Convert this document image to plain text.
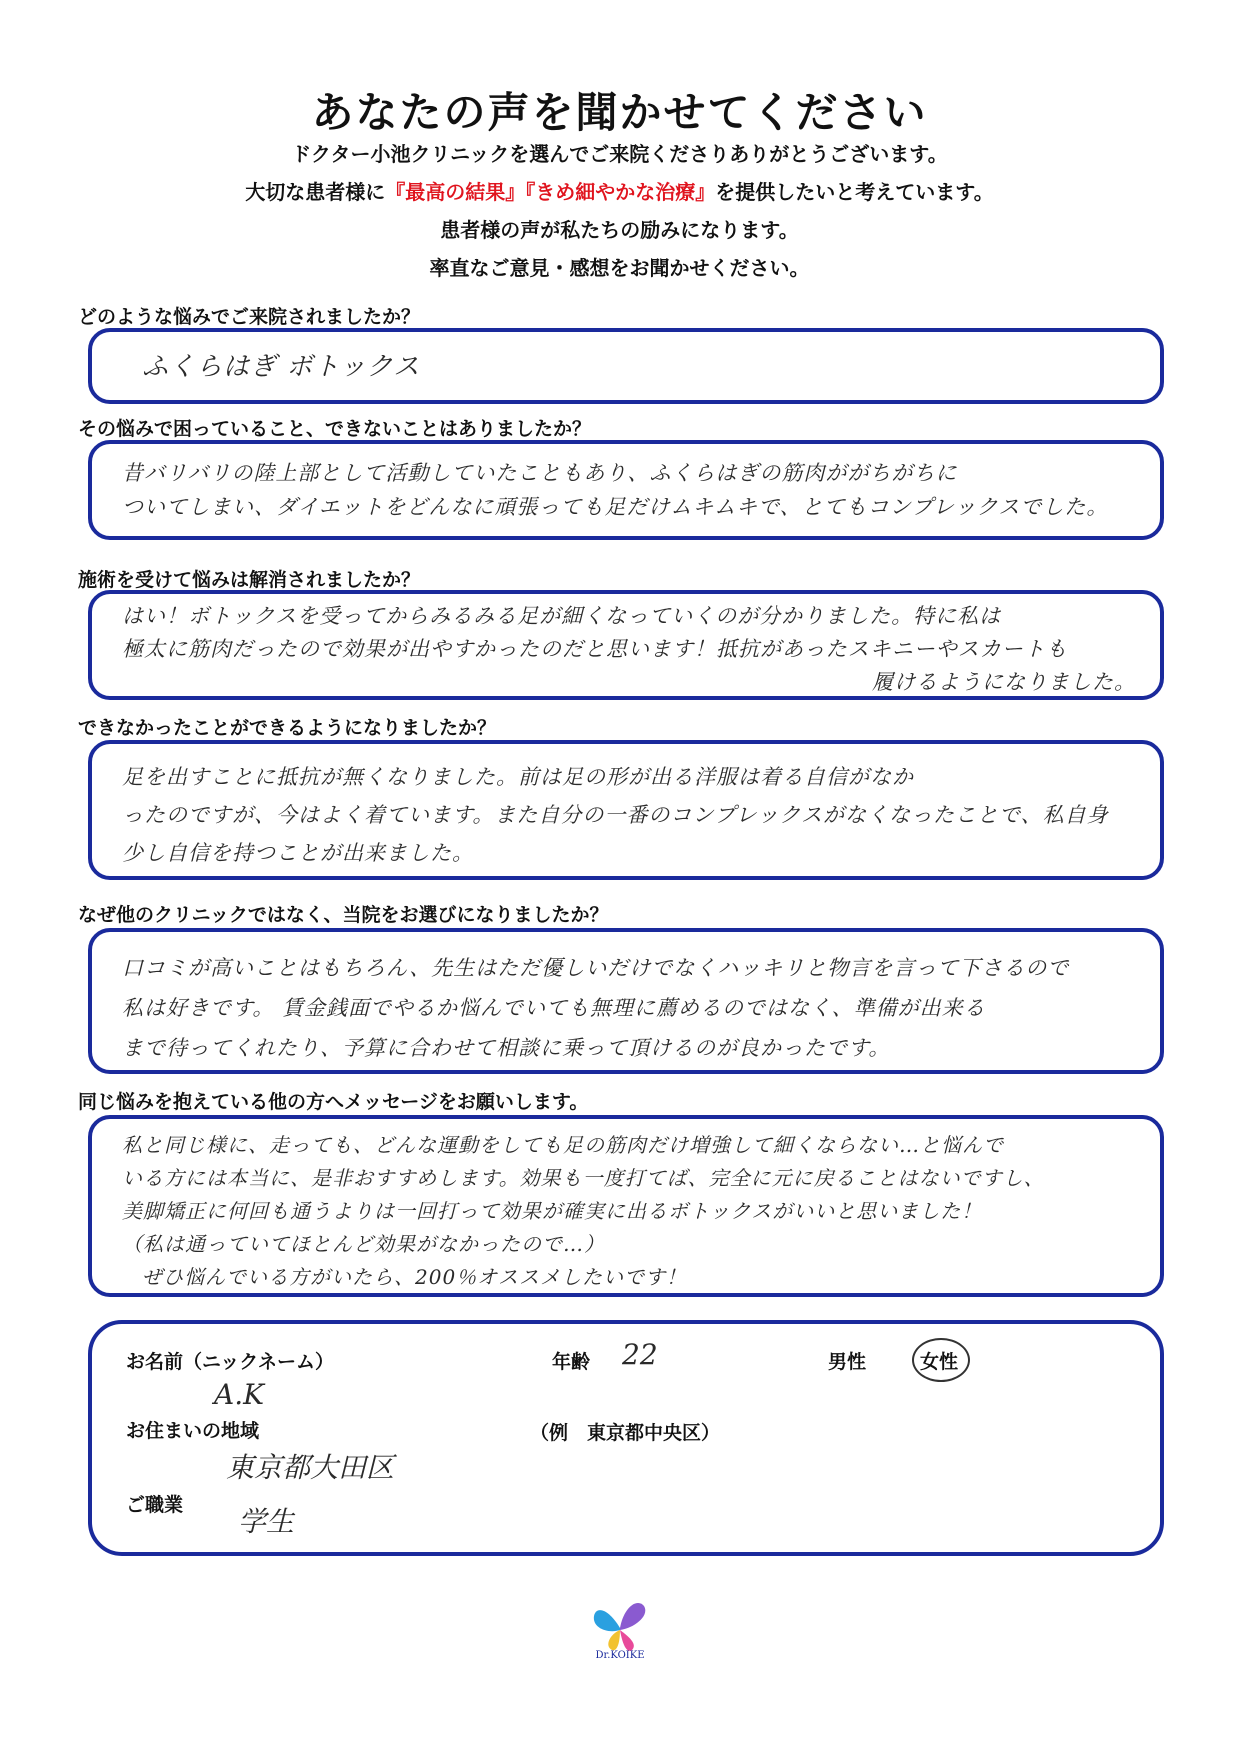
あなたの声を聞かせてください
ドクター小池クリニックを選んでご来院くださりありがとうございます。
大切な患者様に『最高の結果』『きめ細やかな治療』を提供したいと考えています。
患者様の声が私たちの励みになります。
率直なご意見・感想をお聞かせください。
どのような悩みでご来院されましたか？

ふくらはぎ ボトックス

その悩みで困っていること、できないことはありましたか？

昔バリバリの陸上部として活動していたこともあり、ふくらはぎの筋肉ががちがちに

ついてしまい、ダイエットをどんなに頑張っても足だけムキムキで、とてもコンプレックスでした。

施術を受けて悩みは解消されましたか？

はい！ボトックスを受ってからみるみる足が細くなっていくのが分かりました。特に私は

極太に筋肉だったので効果が出やすかったのだと思います！抵抗があったスキニーやスカートも

履けるようになりました。

できなかったことができるようになりましたか？

足を出すことに抵抗が無くなりました。前は足の形が出る洋服は着る自信がなか

ったのですが、今はよく着ています。また自分の一番のコンプレックスがなくなったことで、私自身

少し自信を持つことが出来ました。

なぜ他のクリニックではなく、当院をお選びになりましたか？

口コミが高いことはもちろん、先生はただ優しいだけでなくハッキリと物言を言って下さるので

私は好きです。 賃金銭面でやるか悩んでいても無理に薦めるのではなく、準備が出来る

まで待ってくれたり、予算に合わせて相談に乗って頂けるのが良かったです。

同じ悩みを抱えている他の方へメッセージをお願いします。

私と同じ様に、走っても、どんな運動をしても足の筋肉だけ増強して細くならない…と悩んで

いる方には本当に、是非おすすめします。効果も一度打てば、完全に元に戻ることはないですし、

美脚矯正に何回も通うよりは一回打って効果が確実に出るボトックスがいいと思いました！

（私は通っていてほとんど効果がなかったので…）

ぜひ悩んでいる方がいたら、200％オススメしたいです！

お名前（ニックネーム）
A.K
年齢 22	男性	女性
お住まいの地域	（例　東京都中央区）
東京都大田区
ご職業 学生
Dr.KOIKE
